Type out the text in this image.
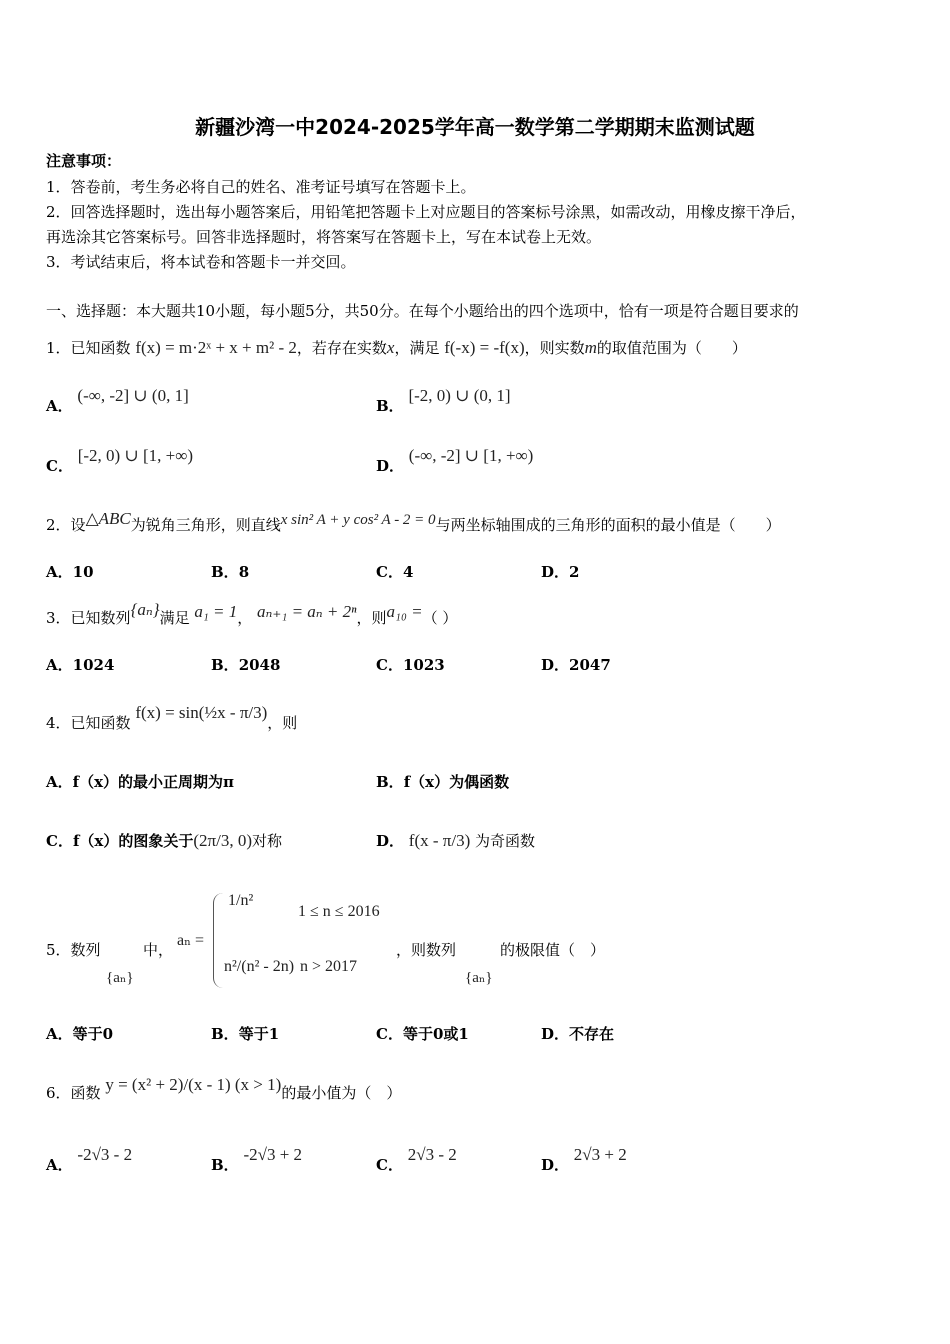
新疆沙湾一中2024-2025学年高一数学第二学期期末监测试题
注意事项：
1．答卷前，考生务必将自己的姓名、准考证号填写在答题卡上。
2．回答选择题时，选出每小题答案后，用铅笔把答题卡上对应题目的答案标号涂黑，如需改动，用橡皮擦干净后，
再选涂其它答案标号。回答非选择题时，将答案写在答题卡上，写在本试卷上无效。
3．考试结束后，将本试卷和答题卡一并交回。
一、选择题：本大题共10小题，每小题5分，共50分。在每个小题给出的四个选项中，恰有一项是符合题目要求的
1．已知函数 f(x) = m·2ˣ + x + m² - 2，若存在实数x，满足 f(-x) = -f(x)，则实数m的取值范围为（　　）
A． (-∞, -2] ∪ (0, 1]
B． [-2, 0) ∪ (0, 1]
C． [-2, 0) ∪ [1, +∞)
D． (-∞, -2] ∪ [1, +∞)
2．设△ABC为锐角三角形，则直线x sin² A + y cos² A - 2 = 0与两坐标轴围成的三角形的面积的最小值是（　　）
A．10	B．8	C．4	D．2
3．已知数列{aₙ}满足 a₁ = 1， aₙ₊₁ = aₙ + 2ⁿ，则a₁₀ =（ ）
A．1024	B．2048	C．1023	D．2047
4．已知函数 f(x) = sin(½x - π/3)，则
A．f（x）的最小正周期为π	B．f（x）为偶函数
C．f（x）的图象关于(2π/3, 0)对称	D． f(x - π/3) 为奇函数
5．数列
{aₙ}
中，
aₙ =
1/n²
1 ≤ n ≤ 2016
n²/(n² - 2n) n > 2017
，则数列
{aₙ}
的极限值（　）
A．等于0	B．等于1	C．等于0或1	D．不存在
6．函数 y = (x² + 2)/(x - 1) (x > 1)的最小值为（　）
A． -2√3 - 2
B． -2√3 + 2
C． 2√3 - 2
D． 2√3 + 2
